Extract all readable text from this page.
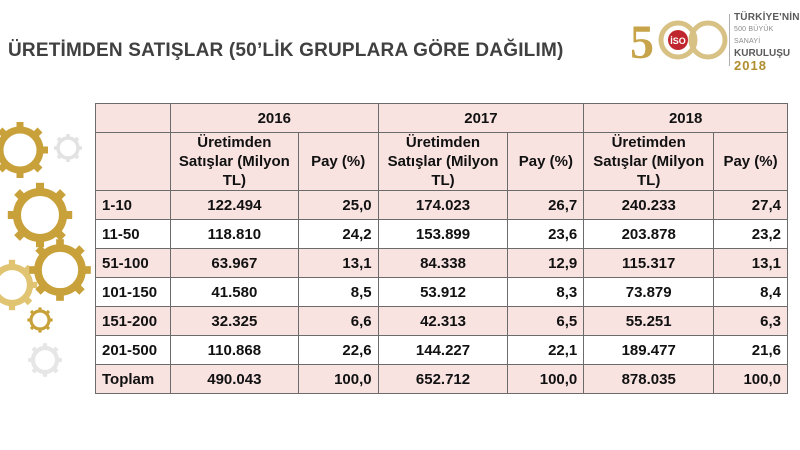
ÜRETİMDEN SATIŞLAR (50’LİK GRUPLARA GÖRE DAĞILIM) 5 İSO
TÜRKİYE'NİN
500 BÜYÜK SANAYİ
KURULUŞU
2018
	2016		2017		2018	
	Üretimden Satışlar (Milyon TL)	Pay (%)	Üretimden Satışlar (Milyon TL)	Pay (%)	Üretimden Satışlar (Milyon TL)	Pay (%)
1-10	122.494	25,0	174.023	26,7	240.233	27,4
11-50	118.810	24,2	153.899	23,6	203.878	23,2
51-100	63.967	13,1	84.338	12,9	115.317	13,1
101-150	41.580	8,5	53.912	8,3	73.879	8,4
151-200	32.325	6,6	42.313	6,5	55.251	6,3
201-500	110.868	22,6	144.227	22,1	189.477	21,6
Toplam	490.043	100,0	652.712	100,0	878.035	100,0
